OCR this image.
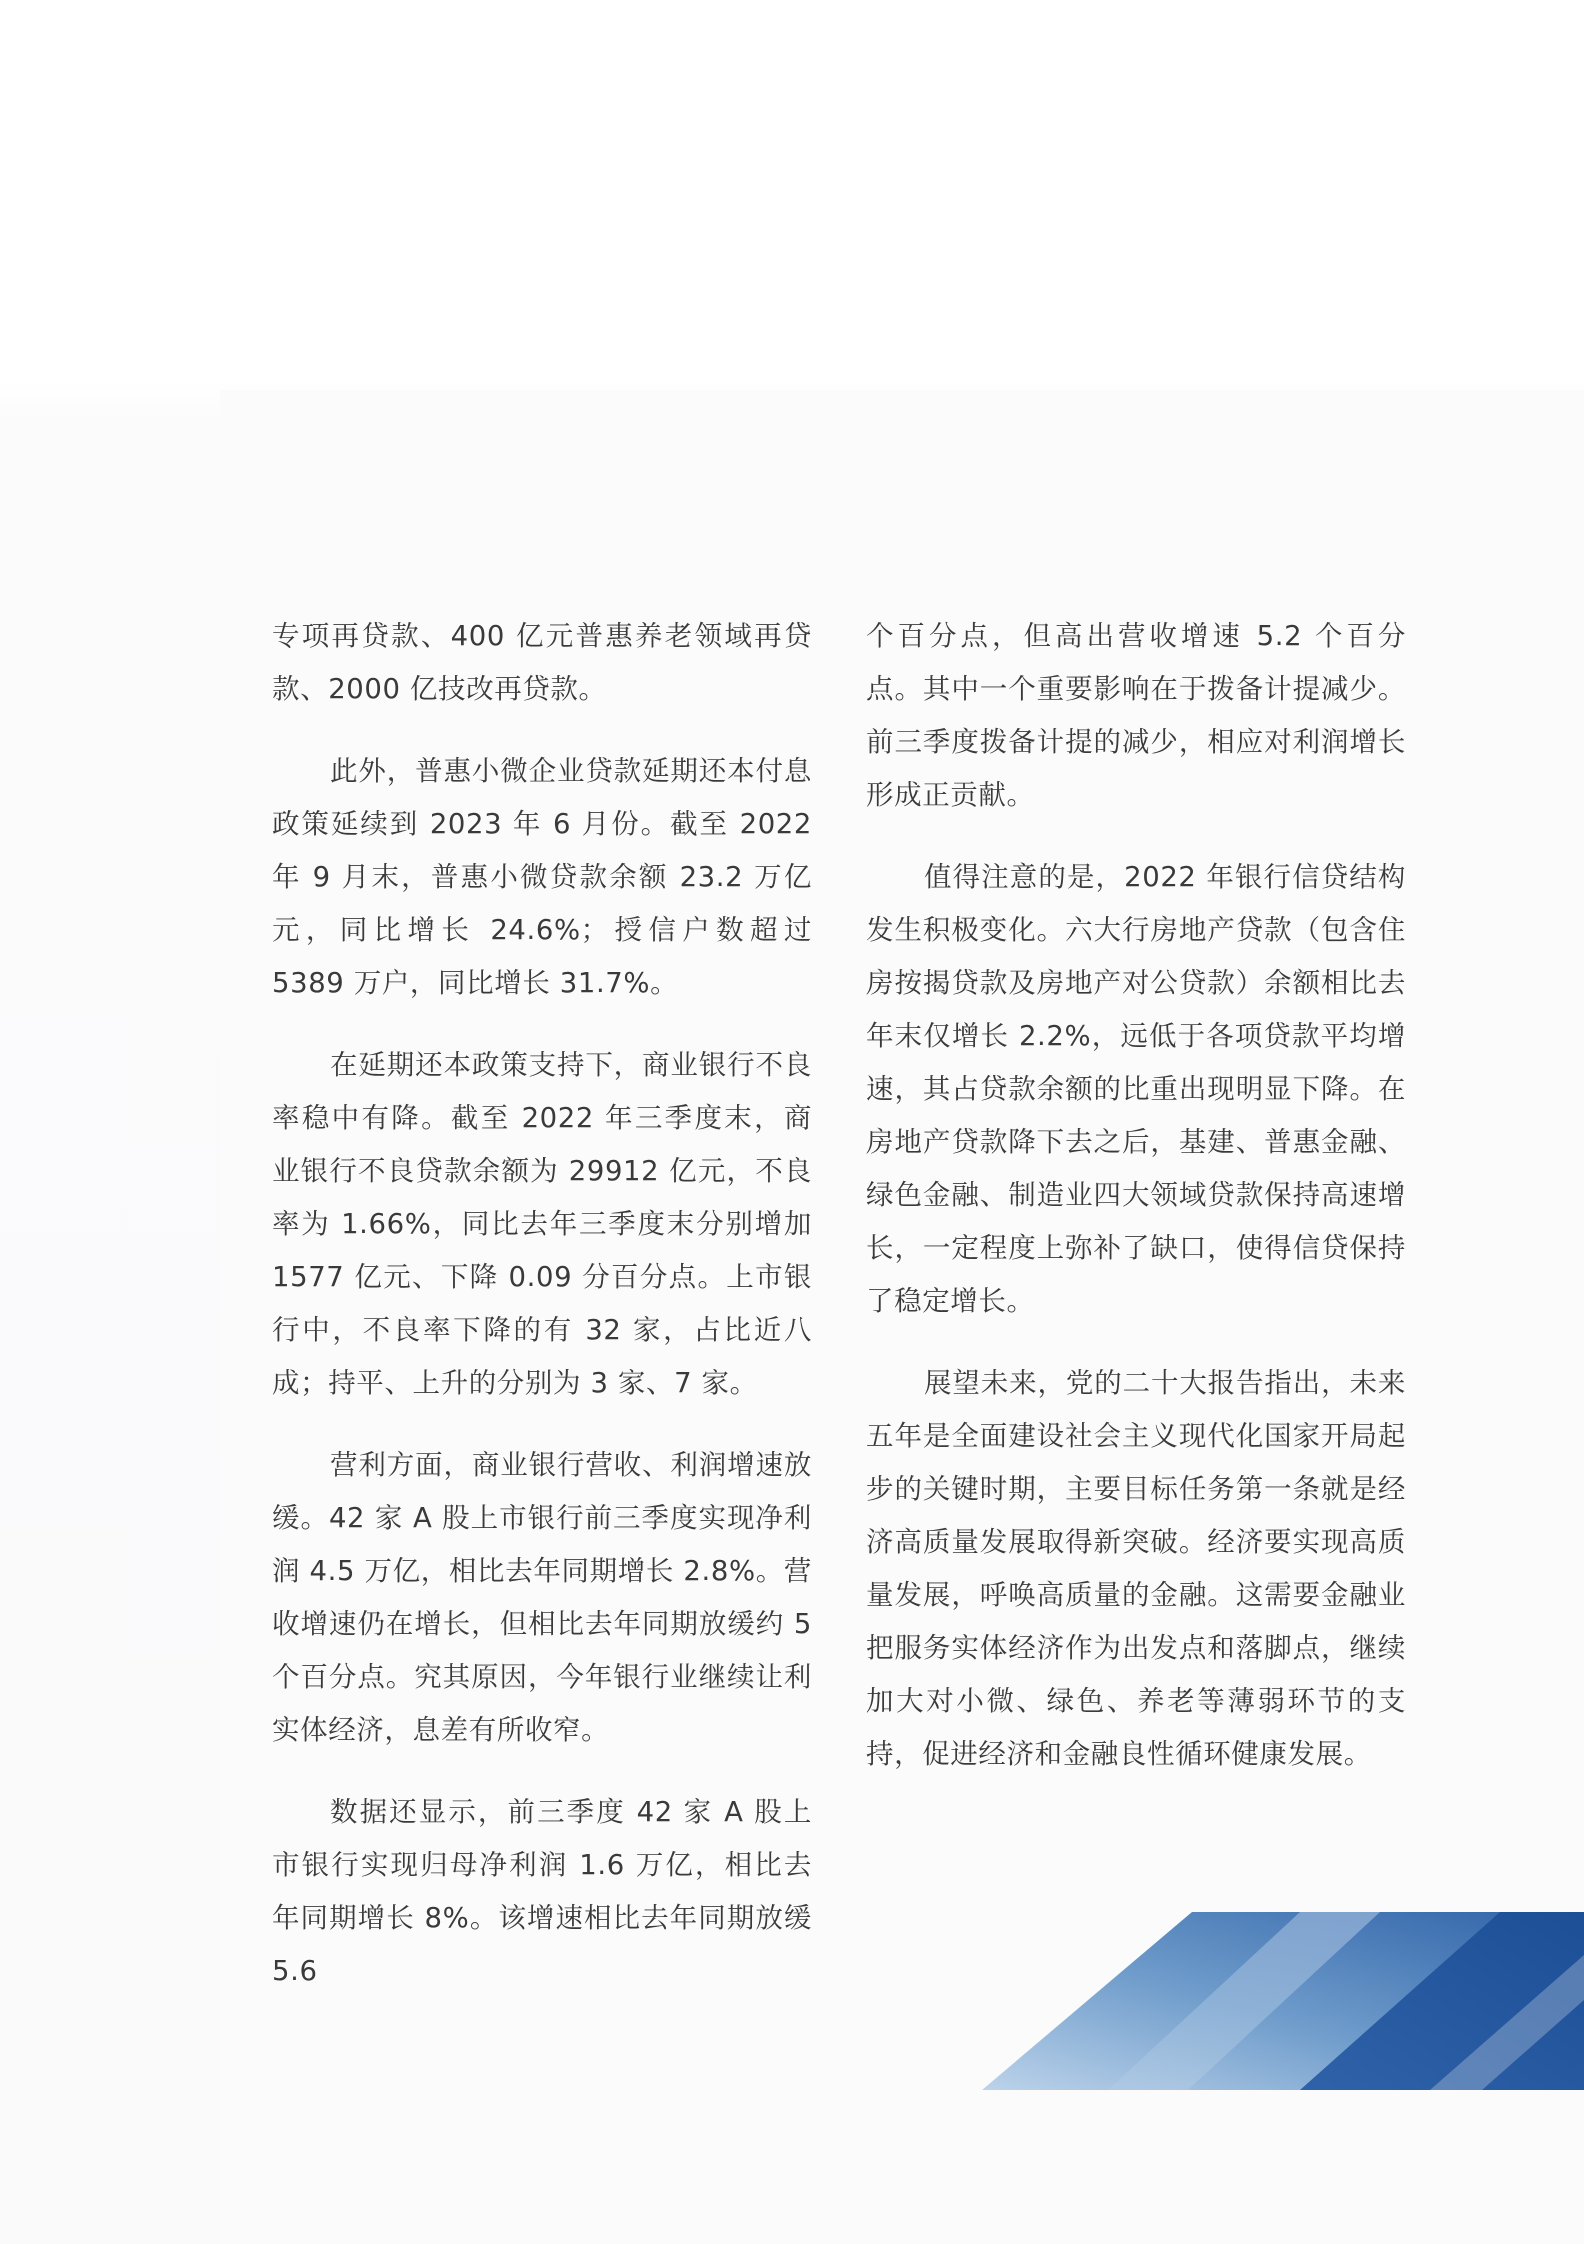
专项再贷款、400 亿元普惠养老领域再贷款、2000 亿技改再贷款。

此外，普惠小微企业贷款延期还本付息政策延续到 2023 年 6 月份。截至 2022 年 9 月末，普惠小微贷款余额 23.2 万亿元，同比增长 24.6%；授信户数超过 5389 万户，同比增长 31.7%。

在延期还本政策支持下，商业银行不良率稳中有降。截至 2022 年三季度末，商业银行不良贷款余额为 29912 亿元，不良率为 1.66%，同比去年三季度末分别增加 1577 亿元、下降 0.09 分百分点。上市银行中，不良率下降的有 32 家，占比近八成；持平、上升的分别为 3 家、7 家。

营利方面，商业银行营收、利润增速放缓。42 家 A 股上市银行前三季度实现净利润 4.5 万亿，相比去年同期增长 2.8%。营收增速仍在增长，但相比去年同期放缓约 5 个百分点。究其原因，今年银行业继续让利实体经济，息差有所收窄。

数据还显示，前三季度 42 家 A 股上市银行实现归母净利润 1.6 万亿，相比去年同期增长 8%。该增速相比去年同期放缓 5.6

个百分点，但高出营收增速 5.2 个百分点。其中一个重要影响在于拨备计提减少。前三季度拨备计提的减少，相应对利润增长形成正贡献。

值得注意的是，2022 年银行信贷结构发生积极变化。六大行房地产贷款（包含住房按揭贷款及房地产对公贷款）余额相比去年末仅增长 2.2%，远低于各项贷款平均增速，其占贷款余额的比重出现明显下降。在房地产贷款降下去之后，基建、普惠金融、绿色金融、制造业四大领域贷款保持高速增长，一定程度上弥补了缺口，使得信贷保持了稳定增长。

展望未来，党的二十大报告指出，未来五年是全面建设社会主义现代化国家开局起步的关键时期，主要目标任务第一条就是经济高质量发展取得新突破。经济要实现高质量发展，呼唤高质量的金融。这需要金融业把服务实体经济作为出发点和落脚点，继续加大对小微、绿色、养老等薄弱环节的支持，促进经济和金融良性循环健康发展。
